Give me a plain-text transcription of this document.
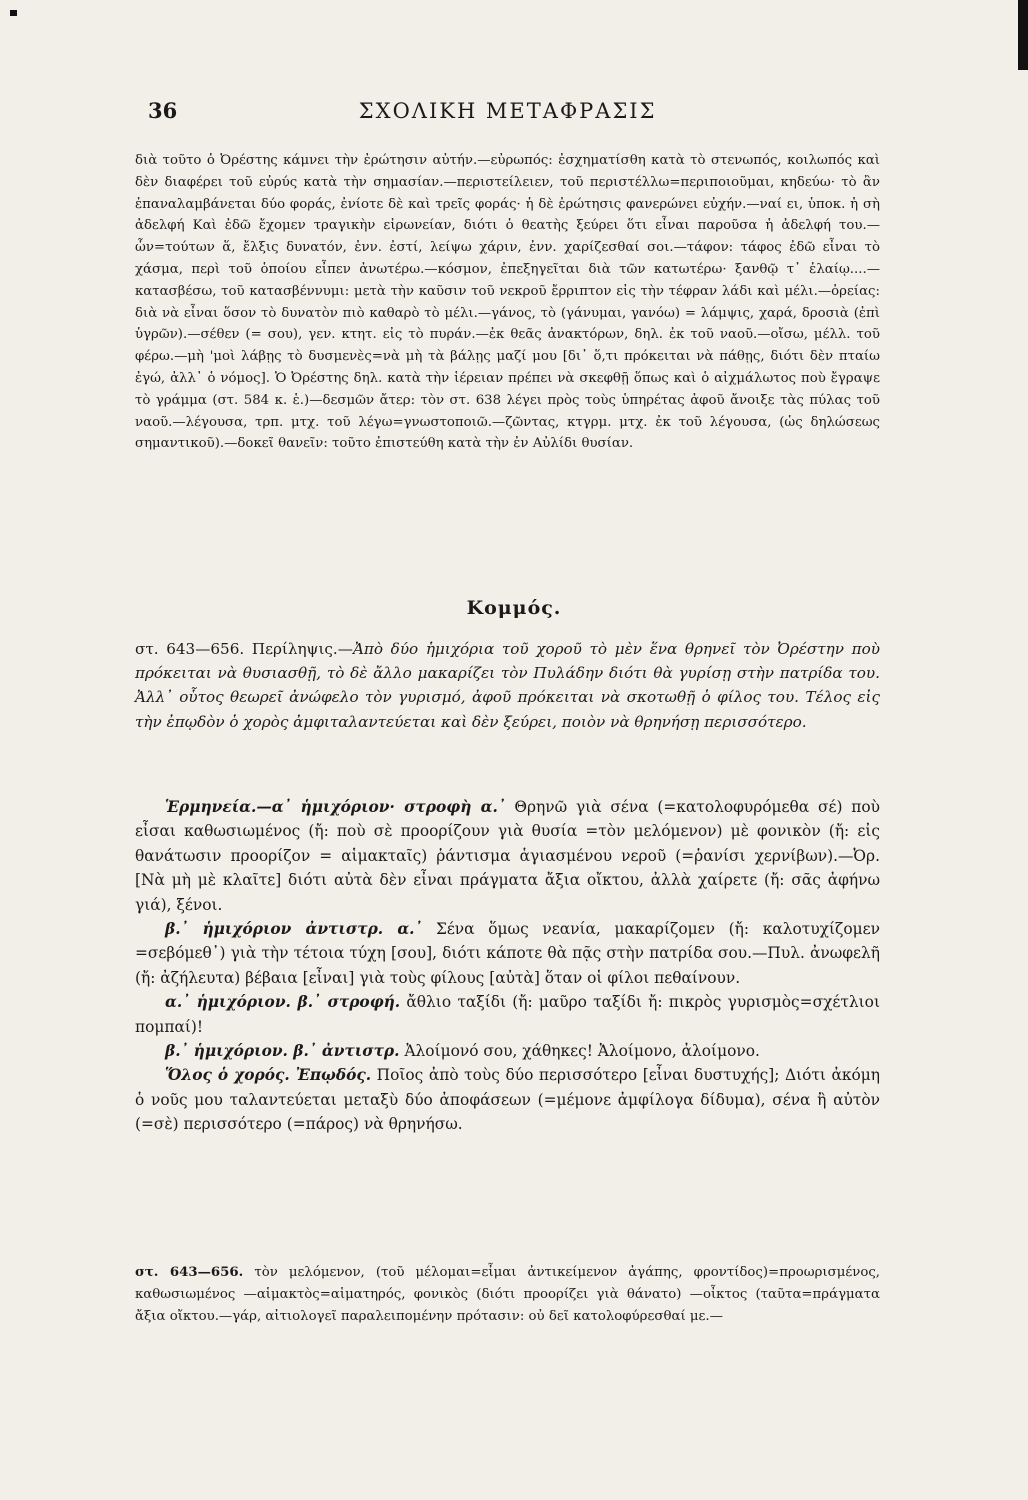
36	ΣΧΟΛΙΚΗ ΜΕΤΑΦΡΑΣΙΣ
διὰ τοῦτο ὁ Ὀρέστης κάμνει τὴν ἐρώτησιν αὐτήν.—εὐρωπός: ἐσχηματίσθη κατὰ τὸ στενωπός, κοιλωπός καὶ δὲν διαφέρει τοῦ εὐρύς κατὰ τὴν σημασίαν.—περιστείλειεν, τοῦ περιστέλλω=περιποιοῦμαι, κηδεύω· τὸ ἂν ἐπαναλαμβάνεται δύο φοράς, ἐνίοτε δὲ καὶ τρεῖς φοράς· ἡ δὲ ἐρώτησις φανερώνει εὐχήν.—ναί ει, ὑποκ. ἡ σὴ ἀδελφή Καὶ ἐδῶ ἔχομεν τραγικὴν εἰρωνείαν, διότι ὁ θεατὴς ξεύρει ὅτι εἶναι παροῦσα ἡ ἀδελφή του.—ὧν=τούτων ἅ, ἔλξις δυνατόν, ἐνν. ἐστί, λείψω χάριν, ἐνν. χαρίζεσθαί σοι.—τάφον: τάφος ἐδῶ εἶναι τὸ χάσμα, περὶ τοῦ ὁποίου εἶπεν ἀνωτέρω.—κόσμον, ἐπεξηγεῖται διὰ τῶν κατωτέρω· ξανθῷ τ᾽ ἐλαίῳ....—κατασβέσω, τοῦ κατασβέννυμι: μετὰ τὴν καῦσιν τοῦ νεκροῦ ἔρριπτον εἰς τὴν τέφραν λάδι καὶ μέλι.—ὀρείας: διὰ νὰ εἶναι ὅσον τὸ δυνατὸν πιὸ καθαρὸ τὸ μέλι.—γάνος, τὸ (γάνυμαι, γανόω) = λάμψις, χαρά, δροσιὰ (ἐπὶ ὑγρῶν).—σέθεν (= σου), γεν. κτητ. εἰς τὸ πυράν.—ἐκ θεᾶς ἀνακτόρων, δηλ. ἐκ τοῦ ναοῦ.—οἴσω, μέλλ. τοῦ φέρω.—μὴ 'μοὶ λάβῃς τὸ δυσμενὲς=νὰ μὴ τὰ βάλῃς μαζί μου [δι᾽ ὅ,τι πρόκειται νὰ πάθῃς, διότι δὲν πταίω ἐγώ, ἀλλ᾽ ὁ νόμος]. Ὁ Ὀρέστης δηλ. κατὰ τὴν ἱέρειαν πρέπει νὰ σκεφθῇ ὅπως καὶ ὁ αἰχμάλωτος ποὺ ἔγραψε τὸ γράμμα (στ. 584 κ. ἑ.)—δεσμῶν ἄτερ: τὸν στ. 638 λέγει πρὸς τοὺς ὑπηρέτας ἀφοῦ ἄνοιξε τὰς πύλας τοῦ ναοῦ.—λέγουσα, τρπ. μτχ. τοῦ λέγω=γνωστοποιῶ.—ζῶντας, κτγρμ. μτχ. ἐκ τοῦ λέγουσα, (ὡς δηλώσεως σημαντικοῦ).—δοκεῖ θανεῖν: τοῦτο ἐπιστεύθη κατὰ τὴν ἐν Αὐλίδι θυσίαν.
Κομμός.
στ. 643—656. Περίληψις.—Ἀπὸ δύο ἡμιχόρια τοῦ χοροῦ τὸ μὲν ἕνα θρηνεῖ τὸν Ὀρέστην ποὺ πρόκειται νὰ θυσιασθῇ, τὸ δὲ ἄλλο μακαρίζει τὸν Πυλάδην διότι θὰ γυρίσῃ στὴν πατρίδα του. Ἀλλ᾽ οὗτος θεωρεῖ ἀνώφελο τὸν γυρισμό, ἀφοῦ πρόκειται νὰ σκοτωθῇ ὁ φίλος του. Τέλος εἰς τὴν ἐπῳδὸν ὁ χορὸς ἀμφιταλαντεύεται καὶ δὲν ξεύρει, ποιὸν νὰ θρηνήσῃ περισσότερο.

Ἑρμηνεία.—α᾽ ἡμιχόριον· στροφὴ α.᾽ Θρηνῶ γιὰ σένα (=κατολοφυρόμεθα σέ) ποὺ εἶσαι καθωσιωμένος (ἤ: ποὺ σὲ προορίζουν γιὰ θυσία =τὸν μελόμενον) μὲ φονικὸν (ἤ: εἰς θανάτωσιν προορίζον = αἱμακταῖς) ῥάντισμα ἁγιασμένου νεροῦ (=ῥανίσι χερνίβων).—Ὀρ. [Νὰ μὴ μὲ κλαῖτε] διότι αὐτὰ δὲν εἶναι πράγματα ἄξια οἴκτου, ἀλλὰ χαίρετε (ἤ: σᾶς ἀφήνω γιά), ξένοι.

β.᾽ ἡμιχόριον ἀντιστρ. α.᾽ Σένα ὅμως νεανία, μακαρίζομεν (ἤ: καλοτυχίζομεν =σεβόμεθ᾽) γιὰ τὴν τέτοια τύχη [σου], διότι κάποτε θὰ πᾷς στὴν πατρίδα σου.—Πυλ. ἀνωφελῆ (ἤ: ἀζήλευτα) βέβαια [εἶναι] γιὰ τοὺς φίλους [αὐτὰ] ὅταν οἱ φίλοι πεθαίνουν.

α.᾽ ἡμιχόριον. β.᾽ στροφή. ἄθλιο ταξίδι (ἤ: μαῦρο ταξίδι ἤ: πικρὸς γυρισμὸς=σχέτλιοι πομπαί)!

β.᾽ ἡμιχόριον. β.᾽ ἀντιστρ. Ἀλοίμονό σου, χάθηκες! Ἀλοίμονο, ἀλοίμονο.

Ὅλος ὁ χορός. Ἐπῳδός. Ποῖος ἀπὸ τοὺς δύο περισσότερο [εἶναι δυστυχής]; Διότι ἀκόμη ὁ νοῦς μου ταλαντεύεται μεταξὺ δύο ἀποφάσεων (=μέμονε ἀμφίλογα δίδυμα), σένα ἢ αὐτὸν (=σὲ) περισσότερο (=πάρος) νὰ θρηνήσω.

στ. 643—656. τὸν μελόμενον, (τοῦ μέλομαι=εἶμαι ἀντικείμενον ἀγάπης, φροντίδος)=προωρισμένος, καθωσιωμένος —αἱμακτὸς=αἱματηρός, φονικὸς (διότι προορίζει γιὰ θάνατο) —οἶκτος (ταῦτα=πράγματα ἄξια οἴκτου.—γάρ, αἰτιολογεῖ παραλειπομένην πρότασιν: οὐ δεῖ κατολοφύρεσθαί με.—
